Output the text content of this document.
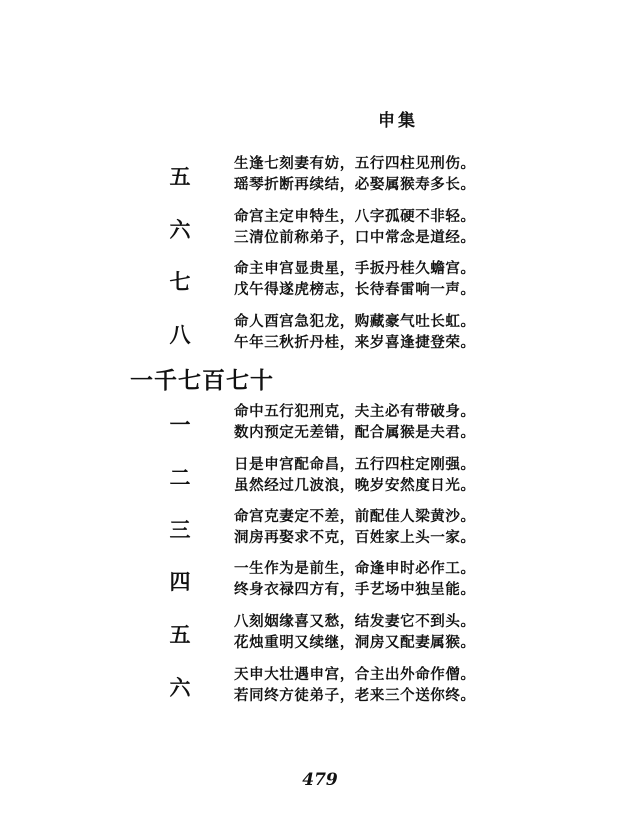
申集
五
生逢七刻妻有妨，五行四柱见刑伤。
瑶琴折断再续结，必娶属猴寿多长。
六
命宫主定申特生，八字孤硬不非轻。
三清位前称弟子，口中常念是道经。
七
命主申宫显贵星，手扳丹桂久蟾宫。
戊午得遂虎榜志，长待春雷响一声。
八
命人酉宫急犯龙，购藏豪气吐长虹。
午年三秋折丹桂，来岁喜逢捷登荣。
一千七百七十
一
命中五行犯刑克，夫主必有带破身。
数内预定无差错，配合属猴是夫君。
二
日是申宫配命昌，五行四柱定刚强。
虽然经过几波浪，晚岁安然度日光。
三
命宫克妻定不差，前配佳人梁黄沙。
洞房再娶求不克，百姓家上头一家。
四
一生作为是前生，命逢申时必作工。
终身衣禄四方有，手艺场中独呈能。
五
八刻姻缘喜又愁，结发妻它不到头。
花烛重明又续继，洞房又配妻属猴。
六
天申大壮遇申宫，合主出外命作僧。
若同终方徒弟子，老来三个送你终。
479
